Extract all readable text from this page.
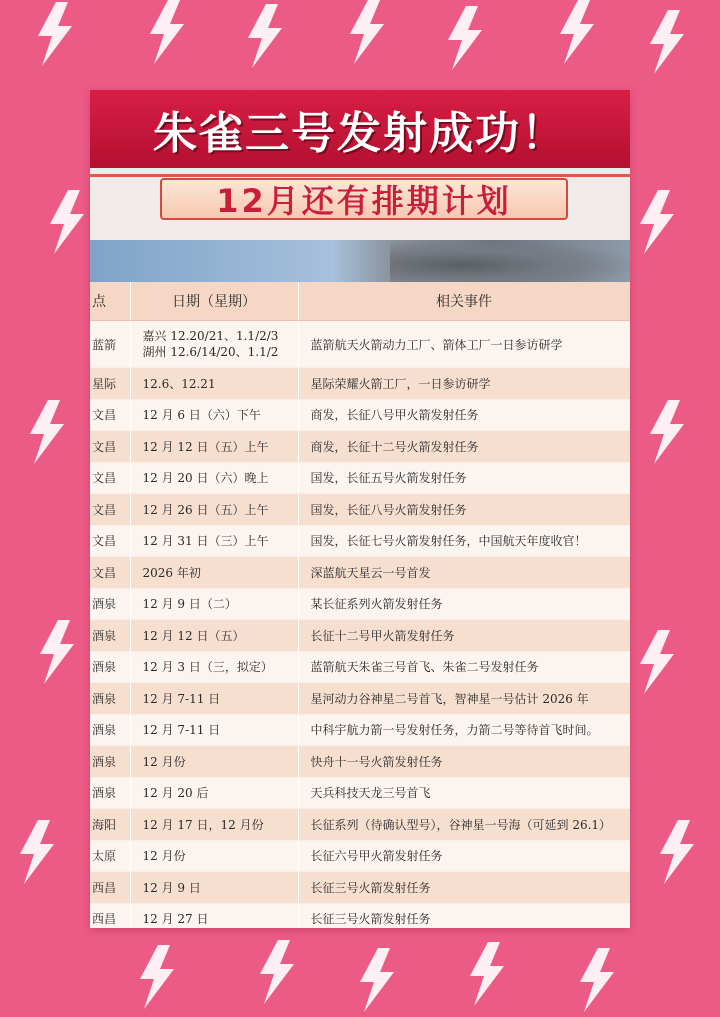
朱雀三号发射成功！
12月还有排期计划
点	日期（星期）	相关事件
蓝箭	嘉兴 12.20/21、1.1/2/3
湖州 12.6/14/20、1.1/2	蓝箭航天火箭动力工厂、箭体工厂一日参访研学
星际	12.6、12.21	星际荣耀火箭工厂，一日参访研学
文昌	12 月 6 日（六）下午	商发，长征八号甲火箭发射任务
文昌	12 月 12 日（五）上午	商发，长征十二号火箭发射任务
文昌	12 月 20 日（六）晚上	国发，长征五号火箭发射任务
文昌	12 月 26 日（五）上午	国发，长征八号火箭发射任务
文昌	12 月 31 日（三）上午	国发，长征七号火箭发射任务，中国航天年度收官！
文昌	2026 年初	深蓝航天星云一号首发
酒泉	12 月 9 日（二）	某长征系列火箭发射任务
酒泉	12 月 12 日（五）	长征十二号甲火箭发射任务
酒泉	12 月 3 日（三，拟定）	蓝箭航天朱雀三号首飞、朱雀二号发射任务
酒泉	12 月 7-11 日	星河动力谷神星二号首飞，智神星一号估计 2026 年
酒泉	12 月 7-11 日	中科宇航力箭一号发射任务，力箭二号等待首飞时间。
酒泉	12 月份	快舟十一号火箭发射任务
酒泉	12 月 20 后	天兵科技天龙三号首飞
海阳	12 月 17 日，12 月份	长征系列（待确认型号），谷神星一号海（可延到 26.1）
太原	12 月份	长征六号甲火箭发射任务
西昌	12 月 9 日	长征三号火箭发射任务
西昌	12 月 27 日	长征三号火箭发射任务
